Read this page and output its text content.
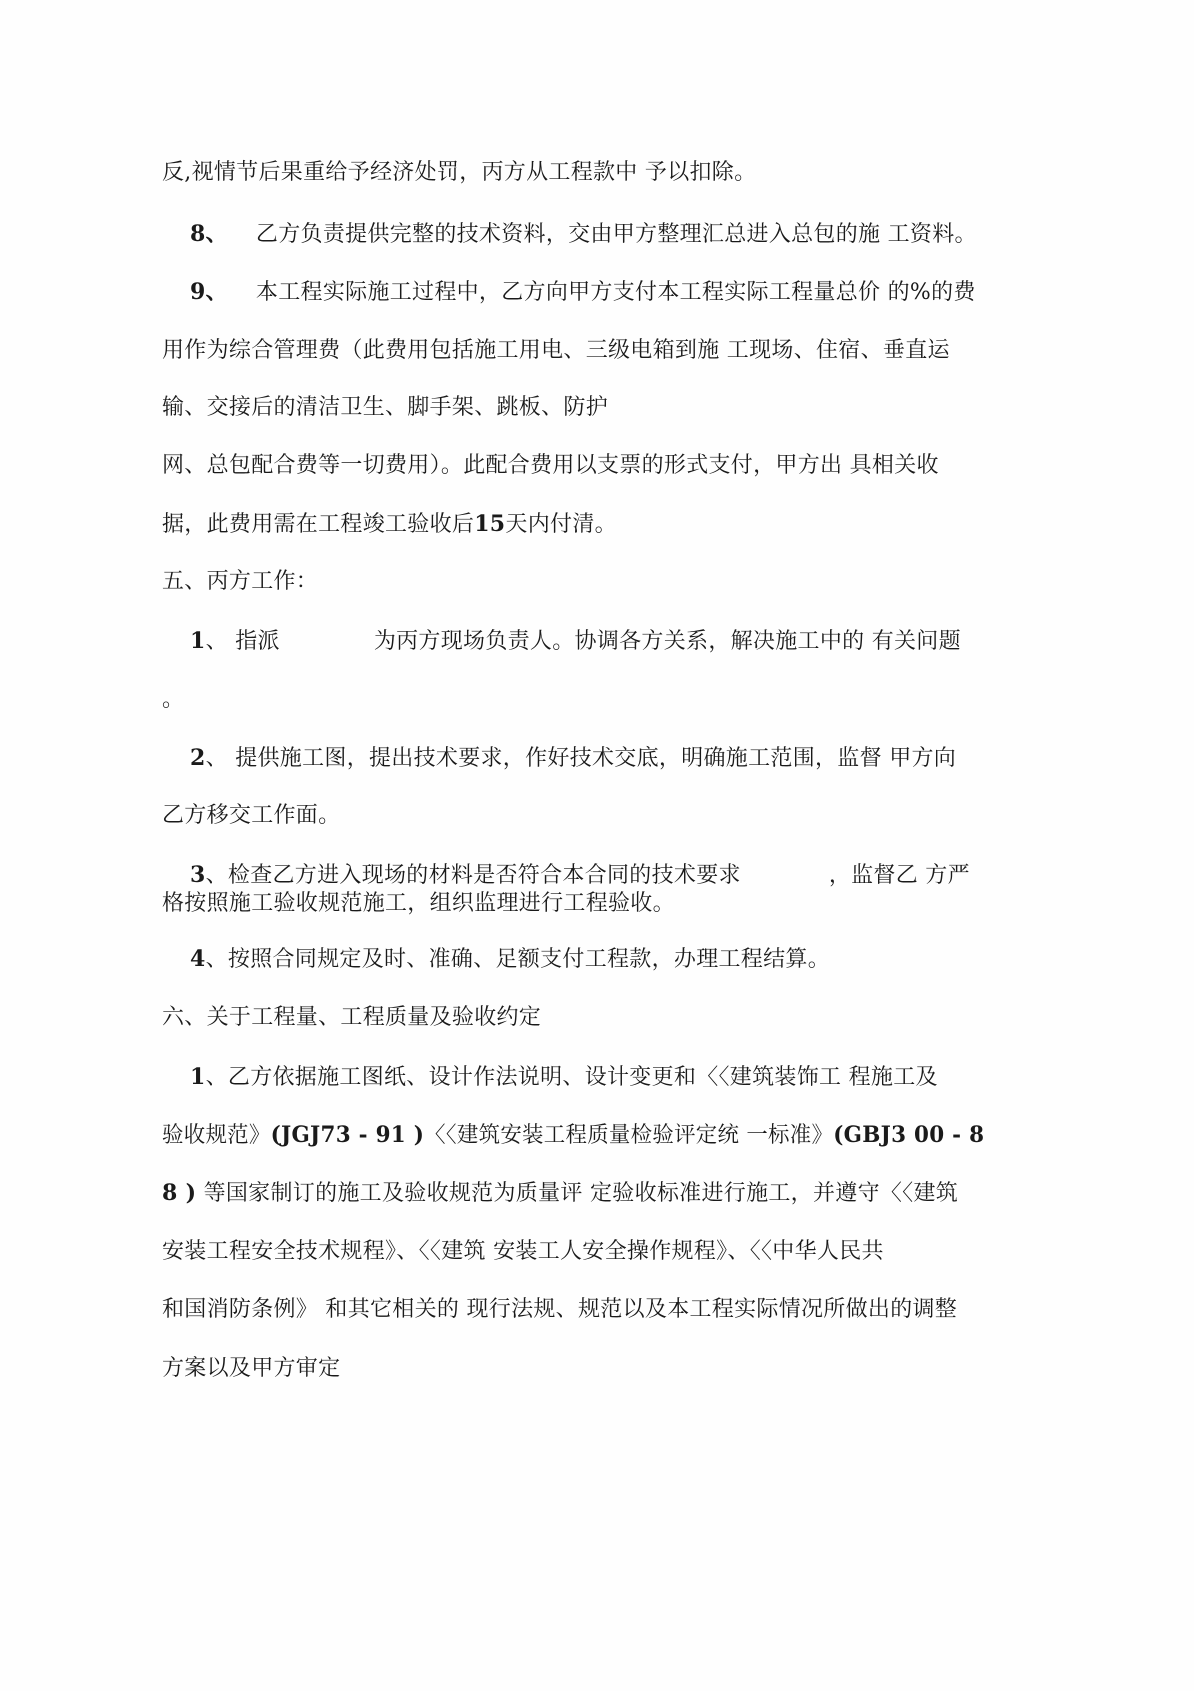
反,视情节后果重给予经济处罚，丙方从工程款中 予以扣除。
8、 乙方负责提供完整的技术资料，交由甲方整理汇总进入总包的施 工资料。
9、 本工程实际施工过程中，乙方向甲方支付本工程实际工程量总价 的%的费
用作为综合管理费（此费用包括施工用电、三级电箱到施 工现场、住宿、垂直运
输、交接后的清洁卫生、脚手架、跳板、防护
网、总包配合费等一切费用）。此配合费用以支票的形式支付，甲方出 具相关收
据，此费用需在工程竣工验收后15天内付清。
五、丙方工作：
1、 指派	为丙方现场负责人。协调各方关系，解决施工中的 有关问题
。
2、 提供施工图，提出技术要求，作好技术交底，明确施工范围，监督 甲方向
乙方移交工作面。
3、检查乙方进入现场的材料是否符合本合同的技术要求	，监督乙 方严
格按照施工验收规范施工，组织监理进行工程验收。
4、按照合同规定及时、准确、足额支付工程款，办理工程结算。
六、关于工程量、工程质量及验收约定
1、乙方依据施工图纸、设计作法说明、设计变更和〈〈建筑装饰工 程施工及
验收规范》(JGJ73 - 91 )〈〈建筑安装工程质量检验评定统 一标准》(GBJ3 00 - 8
8 ) 等国家制订的施工及验收规范为质量评 定验收标准进行施工，并遵守〈〈建筑
安装工程安全技术规程》、〈〈建筑 安装工人安全操作规程》、〈〈中华人民共
和国消防条例》 和其它相关的 现行法规、规范以及本工程实际情况所做出的调整
方案以及甲方审定
